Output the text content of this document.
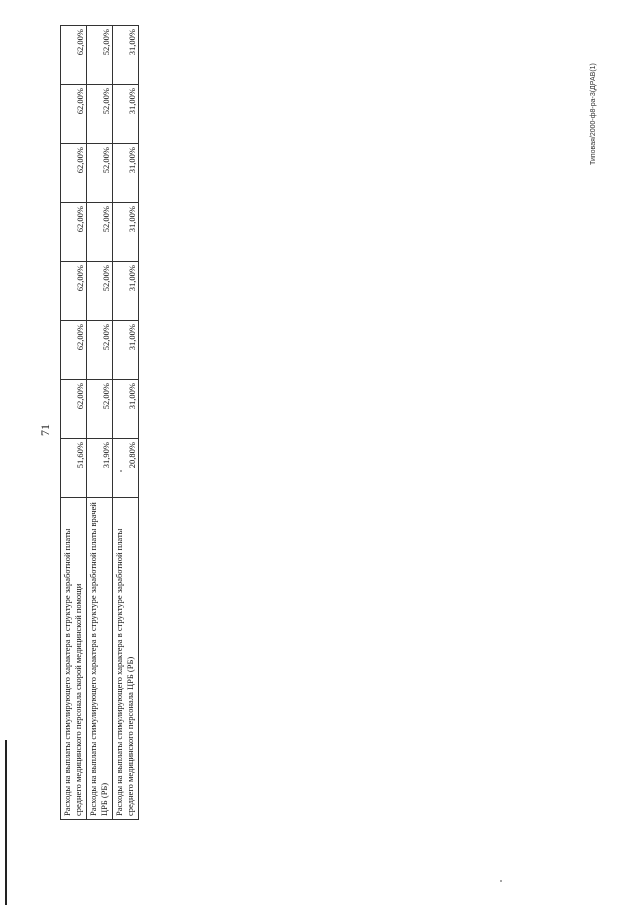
71
Расходы на выплаты стимулирующего характера в структуре заработной платы среднего медицинского персонала скорой медицинской помощи	51,60%	62,00%	62,00%	62,00%	62,00%	62,00%	62,00%	62,00%
Расходы на выплаты стимулирующего характера в структуре заработной платы врачей ЦРБ (РБ)	31,90%	52,00%	52,00%	52,00%	52,00%	52,00%	52,00%	52,00%
Расходы на выплаты стимулирующего характера в структуре заработной платы среднего медицинского персонала ЦРБ (РБ)	20,80%	31,00%	31,00%	31,00%	31,00%	31,00%	31,00%	31,00%
Типовая/2000-ф8-ра-3(ДРАВ(1)
